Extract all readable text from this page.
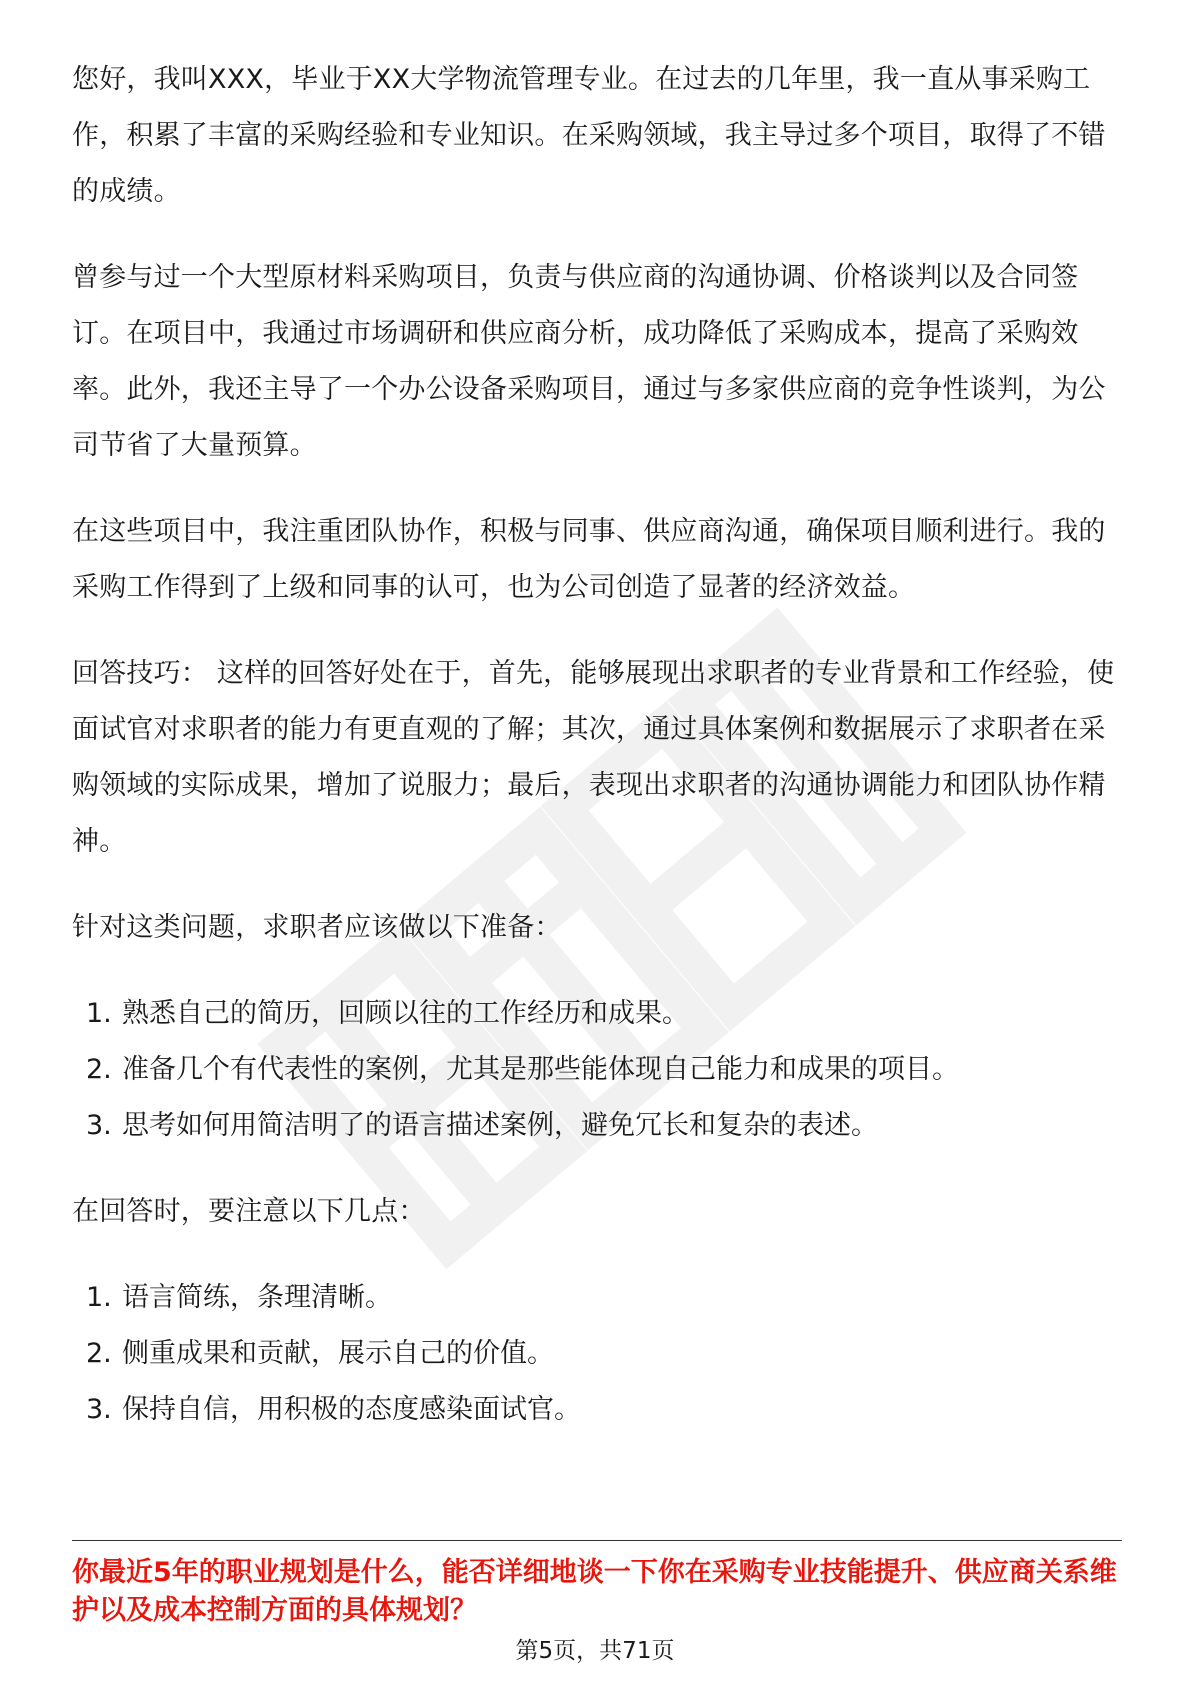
您好，我叫XXX，毕业于XX大学物流管理专业。在过去的几年里，我一直从事采购工作，积累了丰富的采购经验和专业知识。在采购领域，我主导过多个项目，取得了不错的成绩。

曾参与过一个大型原材料采购项目，负责与供应商的沟通协调、价格谈判以及合同签订。在项目中，我通过市场调研和供应商分析，成功降低了采购成本，提高了采购效率。此外，我还主导了一个办公设备采购项目，通过与多家供应商的竞争性谈判，为公司节省了大量预算。

在这些项目中，我注重团队协作，积极与同事、供应商沟通，确保项目顺利进行。我的采购工作得到了上级和同事的认可，也为公司创造了显著的经济效益。

回答技巧： 这样的回答好处在于，首先，能够展现出求职者的专业背景和工作经验，使面试官对求职者的能力有更直观的了解；其次，通过具体案例和数据展示了求职者在采购领域的实际成果，增加了说服力；最后，表现出求职者的沟通协调能力和团队协作精神。

针对这类问题，求职者应该做以下准备：

1. 熟悉自己的简历，回顾以往的工作经历和成果。
2. 准备几个有代表性的案例，尤其是那些能体现自己能力和成果的项目。
3. 思考如何用简洁明了的语言描述案例，避免冗长和复杂的表述。

在回答时，要注意以下几点：

1. 语言简练，条理清晰。
2. 侧重成果和贡献，展示自己的价值。
3. 保持自信，用积极的态度感染面试官。

你最近5年的职业规划是什么，能否详细地谈一下你在采购专业技能提升、供应商关系维护以及成本控制方面的具体规划？

第5页，共71页
